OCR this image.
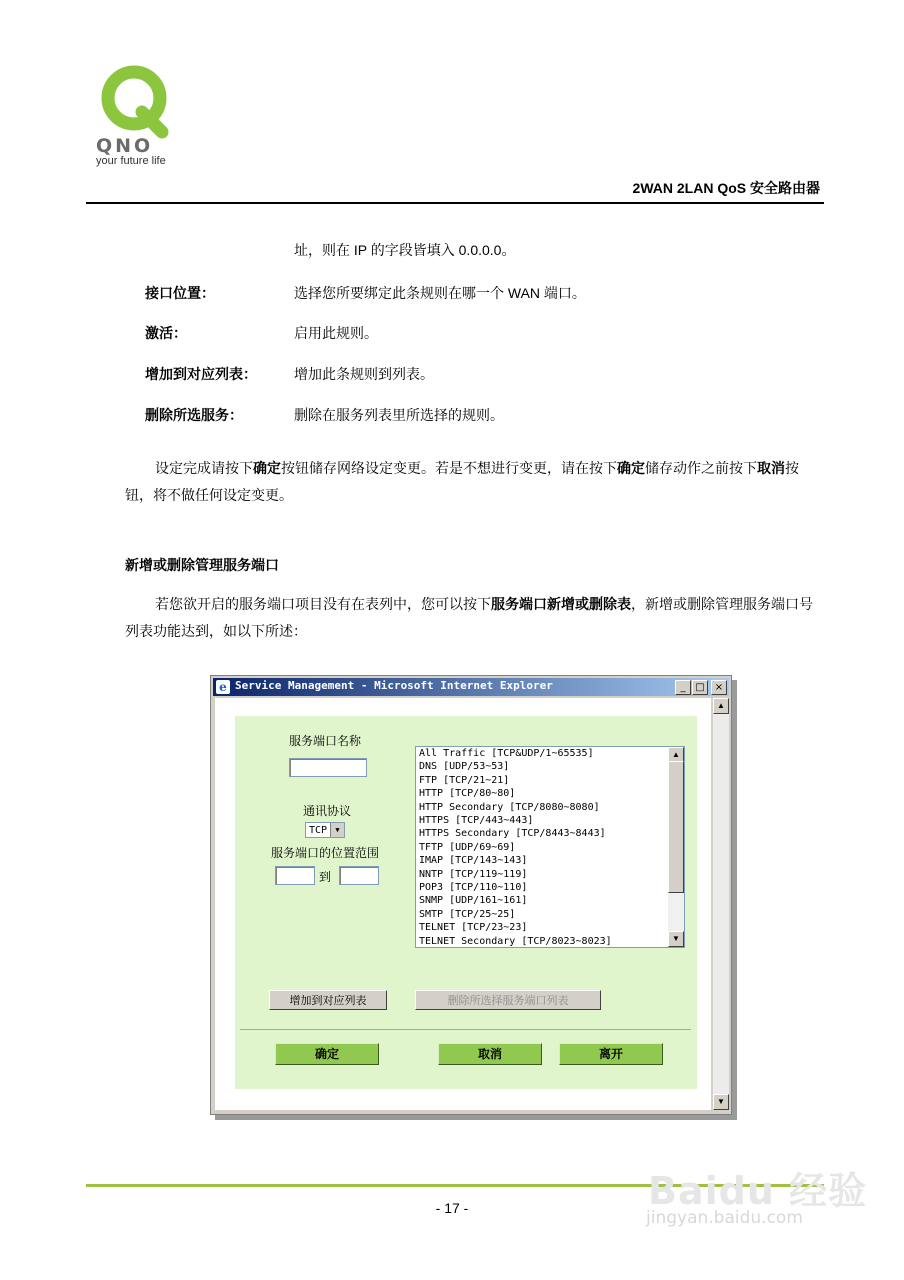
QNO
your future life
2WAN 2LAN QoS 安全路由器
址，则在 IP 的字段皆填入 0.0.0.0。
接口位置：	选择您所要绑定此条规则在哪一个 WAN 端口。
激活：	启用此规则。
增加到对应列表：	增加此条规则到列表。
删除所选服务：	删除在服务列表里所选择的规则。
设定完成请按下确定按钮储存网络设定变更。若是不想进行变更，请在按下确定储存动作之前按下取消按钮，将不做任何设定变更。
新增或删除管理服务端口
若您欲开启的服务端口项目没有在表列中，您可以按下服务端口新增或删除表，新增或删除管理服务端口号列表功能达到，如以下所述：
e Service Management - Microsoft Internet Explorer	_ □	×
服务端口名称
通讯协议
TCP	▼
服务端口的位置范围
到
All Traffic [TCP&UDP/1~65535]
DNS [UDP/53~53]
FTP [TCP/21~21]
HTTP [TCP/80~80]
HTTP Secondary [TCP/8080~8080]
HTTPS [TCP/443~443]
HTTPS Secondary [TCP/8443~8443]
TFTP [UDP/69~69]
IMAP [TCP/143~143]
NNTP [TCP/119~119]
POP3 [TCP/110~110]
SNMP [UDP/161~161]
SMTP [TCP/25~25]
TELNET [TCP/23~23]
TELNET Secondary [TCP/8023~8023]
▲
▼
增加到对应列表	删除所选择服务端口列表
确定	取消	离开
▲
▼
- 17 -	Baidu 经验
jingyan.baidu.com
